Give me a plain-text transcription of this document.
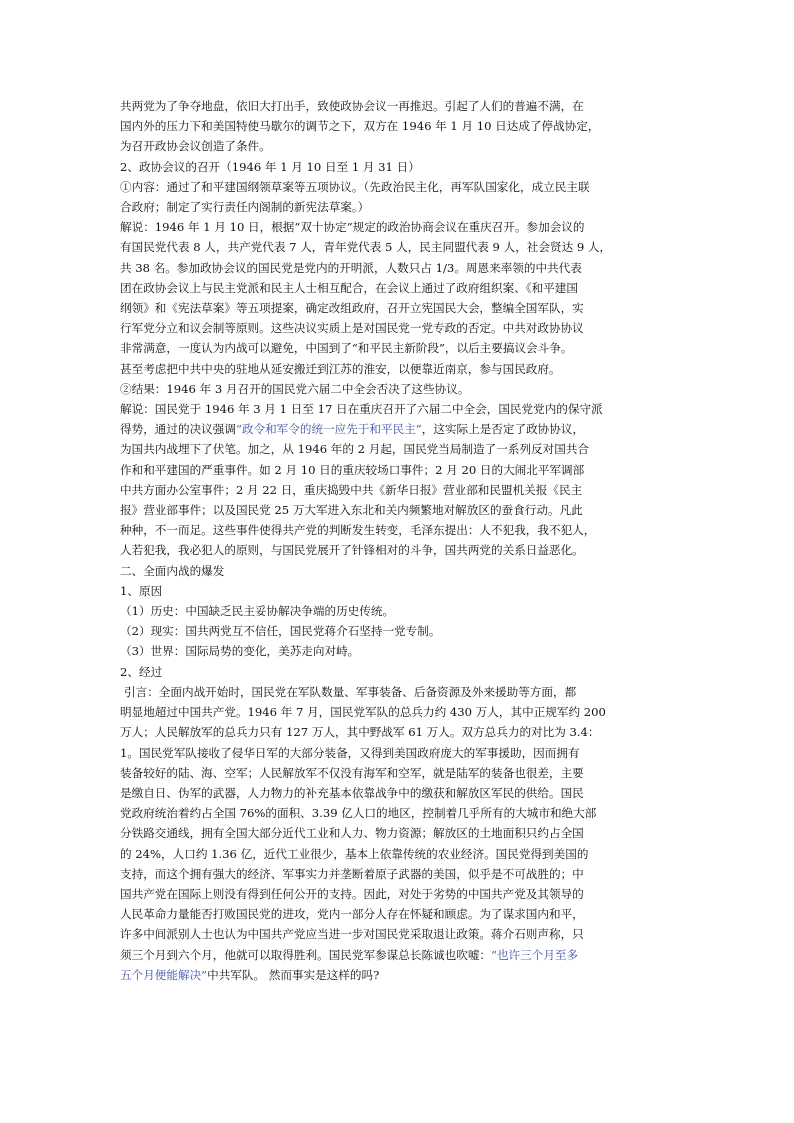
共两党为了争夺地盘，依旧大打出手，致使政协会议一再推迟。引起了人们的普遍不满，在

国内外的压力下和美国特使马歇尔的调节之下，双方在 1946 年 1 月 10 日达成了停战协定，

为召开政协会议创造了条件。

2、政协会议的召开（1946 年 1 月 10 日至 1 月 31 日）

①内容：通过了和平建国纲领草案等五项协议。（先政治民主化，再军队国家化，成立民主联

合政府；制定了实行责任内阁制的新宪法草案。）

解说：1946 年 1 月 10 日，根据“双十协定”规定的政治协商会议在重庆召开。参加会议的

有国民党代表 8 人，共产党代表 7 人，青年党代表 5 人，民主同盟代表 9 人，社会贤达 9 人，

共 38 名。参加政协会议的国民党是党内的开明派，人数只占 1/3。周恩来率领的中共代表

团在政协会议上与民主党派和民主人士相互配合，在会议上通过了政府组织案、《和平建国

纲领》和《宪法草案》等五项提案，确定改组政府，召开立宪国民大会，整编全国军队，实

行军党分立和议会制等原则。这些决议实质上是对国民党一党专政的否定。中共对政协协议

非常满意，一度认为内战可以避免，中国到了“和平民主新阶段”，以后主要搞议会斗争。

甚至考虑把中共中央的驻地从延安搬迁到江苏的淮安，以便靠近南京，参与国民政府。

②结果：1946 年 3 月召开的国民党六届二中全会否决了这些协议。

解说：国民党于 1946 年 3 月 1 日至 17 日在重庆召开了六届二中全会，国民党党内的保守派

得势，通过的决议强调“政令和军令的统一应先于和平民主”，这实际上是否定了政协协议，

为国共内战埋下了伏笔。加之，从 1946 年的 2 月起，国民党当局制造了一系列反对国共合

作和和平建国的严重事件。如 2 月 10 日的重庆较场口事件；2 月 20 日的大闹北平军调部

中共方面办公室事件；2 月 22 日，重庆捣毁中共《新华日报》营业部和民盟机关报《民主

报》营业部事件；以及国民党 25 万大军进入东北和关内频繁地对解放区的蚕食行动。凡此

种种，不一而足。这些事件使得共产党的判断发生转变，毛泽东提出：人不犯我，我不犯人，

人若犯我，我必犯人的原则，与国民党展开了针锋相对的斗争，国共两党的关系日益恶化。

二、全面内战的爆发

1、原因

（1）历史：中国缺乏民主妥协解决争端的历史传统。

（2）现实：国共两党互不信任，国民党蒋介石坚持一党专制。

（3）世界：国际局势的变化，美苏走向对峙。

2、经过

引言：全面内战开始时，国民党在军队数量、军事装备、后备资源及外来援助等方面，都

明显地超过中国共产党。1946 年 7 月，国民党军队的总兵力约 430 万人，其中正规军约 200

万人；人民解放军的总兵力只有 127 万人，其中野战军 61 万人。双方总兵力的对比为 3.4：

1。国民党军队接收了侵华日军的大部分装备，又得到美国政府庞大的军事援助，因而拥有

装备较好的陆、海、空军；人民解放军不仅没有海军和空军，就是陆军的装备也很差，主要

是缴自日、伪军的武器，人力物力的补充基本依靠战争中的缴获和解放区军民的供给。国民

党政府统治着约占全国 76%的面积、3.39 亿人口的地区，控制着几乎所有的大城市和绝大部

分铁路交通线，拥有全国大部分近代工业和人力、物力资源；解放区的土地面积只约占全国

的 24%，人口约 1.36 亿，近代工业很少，基本上依靠传统的农业经济。国民党得到美国的

支持，而这个拥有强大的经济、军事实力并垄断着原子武器的美国，似乎是不可战胜的；中

国共产党在国际上则没有得到任何公开的支持。因此，对处于劣势的中国共产党及其领导的

人民革命力量能否打败国民党的进攻，党内一部分人存在怀疑和顾虑。为了谋求国内和平，

许多中间派别人士也认为中国共产党应当进一步对国民党采取退让政策。蒋介石则声称，只

须三个月到六个月，他就可以取得胜利。国民党军参谋总长陈诚也吹嘘：“也许三个月至多

五个月便能解决”中共军队。 然而事实是这样的吗?
